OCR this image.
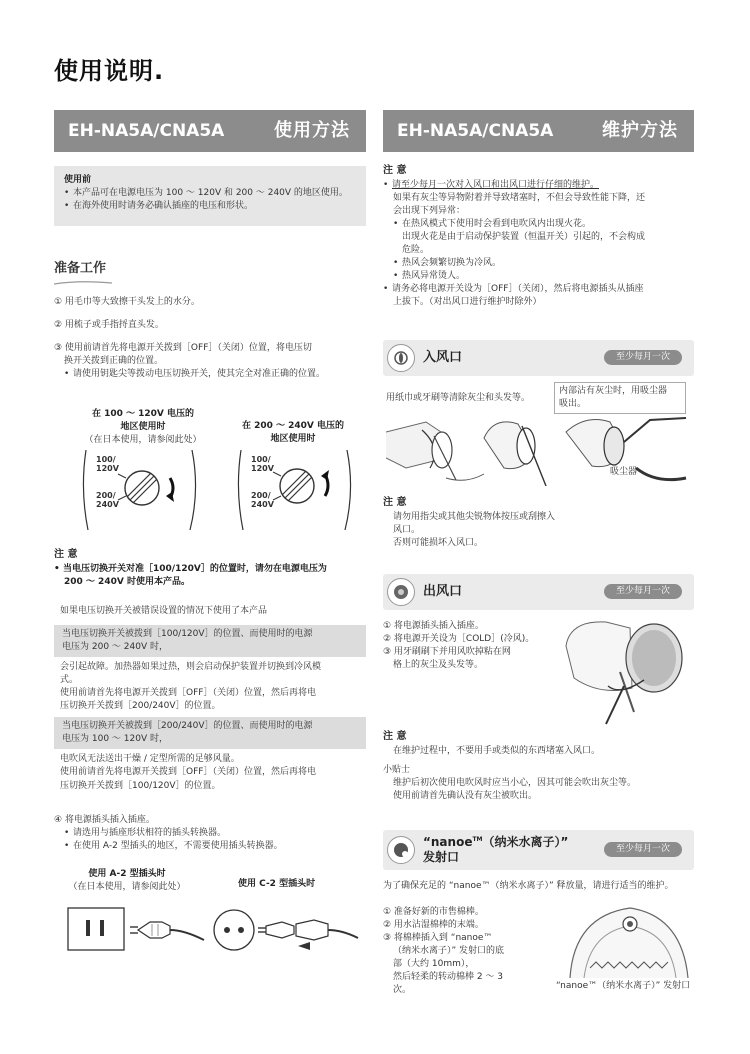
使用说明.
EH-NA5A/CNA5A	使用方法
使用前
• 本产品可在电源电压为 100 ～ 120V 和 200 ～ 240V 的地区使用。
• 在海外使用时请务必确认插座的电压和形状。
准备工作
① 用毛巾等大致擦干头发上的水分。
② 用梳子或手指捋直头发。
③ 使用前请首先将电源开关拨到［OFF］（关闭）位置，将电压切
换开关拨到正确的位置。
• 请使用钥匙尖等拨动电压切换开关，使其完全对准正确的位置。
在 100 ～ 120V 电压的
地区使用时
（在日本使用，请参阅此处）
在 200 ～ 240V 电压的
地区使用时
100/
120V
200/
240V
100/
120V
200/
240V
注 意
• 当电压切换开关对准［100/120V］的位置时，请勿在电源电压为
200 ～ 240V 时使用本产品。
如果电压切换开关被错误设置的情况下使用了本产品
当电压切换开关被拨到［100/120V］的位置、而使用时的电源
电压为 200 ～ 240V 时，
会引起故障。加热器如果过热，则会启动保护装置并切换到冷风模
式。
使用前请首先将电源开关拨到［OFF］（关闭）位置，然后再将电
压切换开关拨到［200/240V］的位置。
当电压切换开关被拨到［200/240V］的位置、而使用时的电源
电压为 100 ～ 120V 时，
电吹风无法送出干燥 / 定型所需的足够风量。
使用前请首先将电源开关拨到［OFF］（关闭）位置，然后再将电
压切换开关拨到［100/120V］的位置。
④ 将电源插头插入插座。
• 请选用与插座形状相符的插头转换器。
• 在使用 A-2 型插头的地区，不需要使用插头转换器。
使用 A-2 型插头时
（在日本使用，请参阅此处）	使用 C-2 型插头时
EH-NA5A/CNA5A	维护方法
注 意
• 请至少每月一次对入风口和出风口进行仔细的维护。
如果有灰尘等异物附着并导致堵塞时，不但会导致性能下降，还
会出现下列异常：
• 在热风模式下使用时会看到电吹风内出现火花。
出现火花是由于启动保护装置（恒温开关）引起的，不会构成
危险。
• 热风会频繁切换为冷风。
• 热风异常烫人。
• 请务必将电源开关设为［OFF］（关闭），然后将电源插头从插座
上拔下。（对出风口进行维护时除外）
入风口	至少每月一次
用纸巾或牙刷等清除灰尘和头发等。
内部沾有灰尘时，用吸尘器
吸出。
吸尘器
注 意
请勿用指尖或其他尖锐物体按压或刮擦入
风口。
否则可能损坏入风口。
出风口	至少每月一次
① 将电源插头插入插座。
② 将电源开关设为［COLD］(冷风)。
③ 用牙刷刷下并用风吹掉粘在网
格上的灰尘及头发等。
注 意
在维护过程中，不要用手或类似的东西堵塞入风口。
小贴士
维护后初次使用电吹风时应当小心，因其可能会吹出灰尘等。
使用前请首先确认没有灰尘被吹出。
“nanoe™（纳米水离子）”
发射口
至少每月一次
为了确保充足的 “nanoe™（纳米水离子）” 释放量，请进行适当的维护。
① 准备好新的市售棉棒。
② 用水沾湿棉棒的末端。
③ 将棉棒插入到 “nanoe™
（纳米水离子）” 发射口的底
部（大约 10mm），
然后轻柔的转动棉棒 2 ～ 3
次。	“nanoe™（纳米水离子）” 发射口
